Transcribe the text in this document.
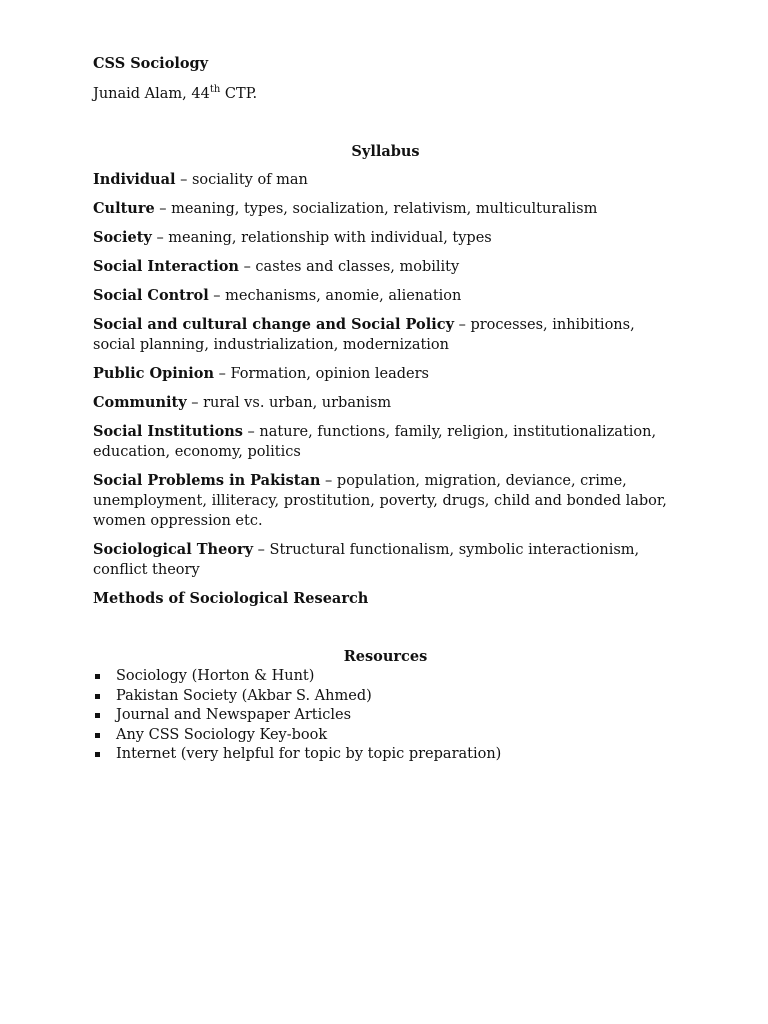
CSS Sociology
Junaid Alam, 44th CTP.
Syllabus
Individual – sociality of man
Culture – meaning, types, socialization, relativism, multiculturalism
Society – meaning, relationship with individual, types
Social Interaction – castes and classes, mobility
Social Control – mechanisms, anomie, alienation
Social and cultural change and Social Policy – processes, inhibitions, social planning, industrialization, modernization
Public Opinion – Formation, opinion leaders
Community – rural vs. urban, urbanism
Social Institutions – nature, functions, family, religion, institutionalization, education, economy, politics
Social Problems in Pakistan – population, migration, deviance, crime, unemployment, illiteracy, prostitution, poverty, drugs, child and bonded labor, women oppression etc.
Sociological Theory – Structural functionalism, symbolic interactionism, conflict theory
Methods of Sociological Research
Resources
Sociology (Horton & Hunt)
Pakistan Society (Akbar S. Ahmed)
Journal and Newspaper Articles
Any CSS Sociology Key-book
Internet (very helpful for topic by topic preparation)
